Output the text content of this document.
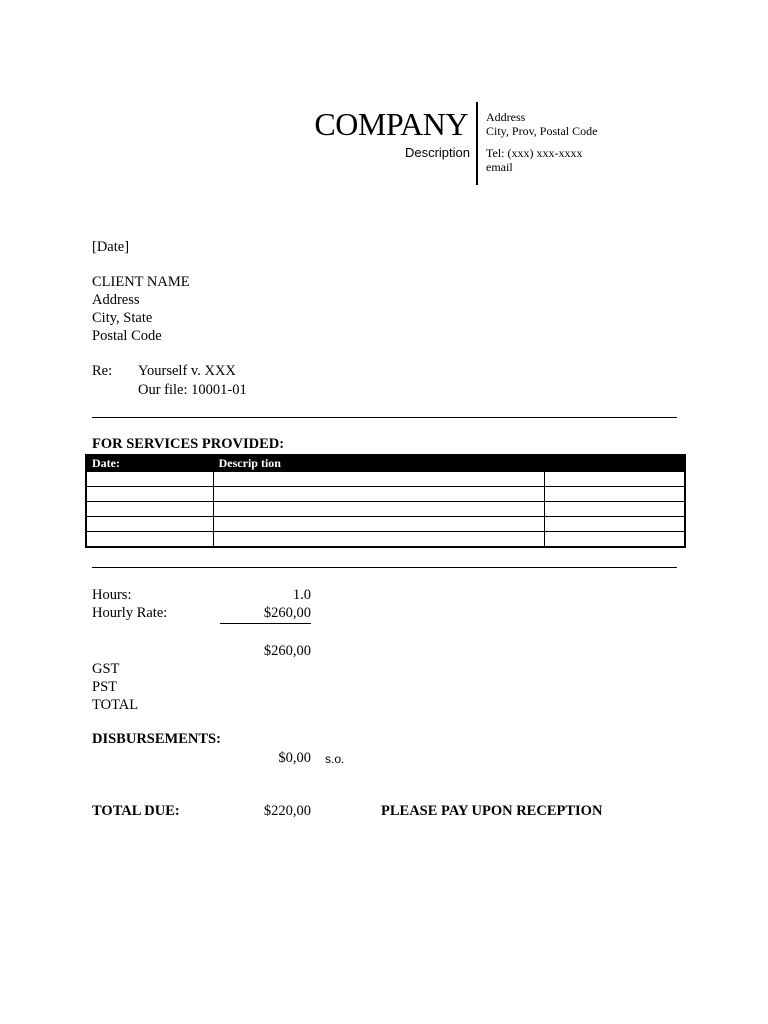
COMPANY
Description
Address
City, Prov, Postal Code
Tel: (xxx) xxx-xxxx
email
[Date]
CLIENT NAME
Address
City, State
Postal Code
Re: Yourself v. XXX
Our file: 10001-01
FOR SERVICES PROVIDED:
Date:	Descrip tion	

Hours:	1.0
Hourly Rate:	$260,00
$260,00
GST
PST
TOTAL
DISBURSEMENTS:
$0,00 s.o.
TOTAL DUE:	$220,00	PLEASE PAY UPON RECEPTION
